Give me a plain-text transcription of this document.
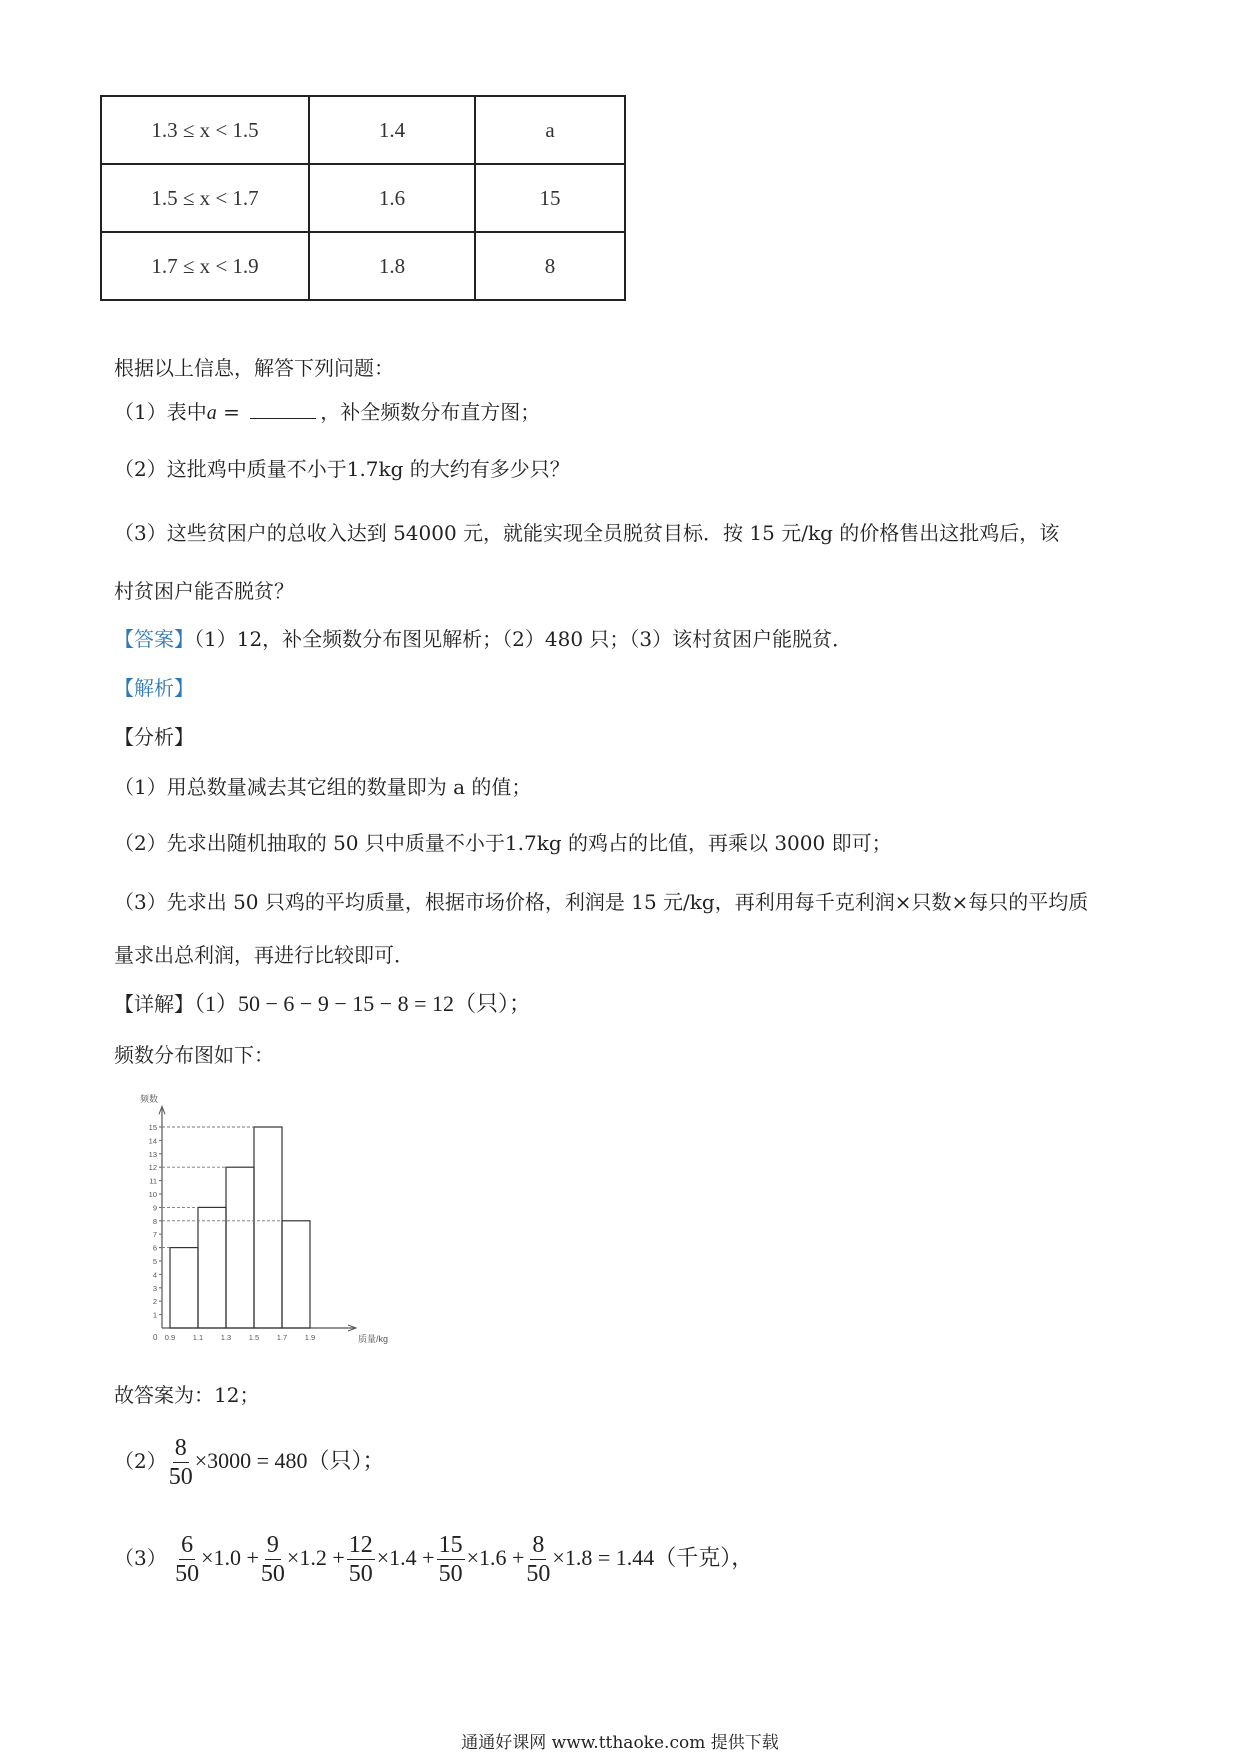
1.3 ≤ x < 1.5	1.4	a
1.5 ≤ x < 1.7	1.6	15
1.7 ≤ x < 1.9	1.8	8
根据以上信息，解答下列问题：
（1）表中a =	，补全频数分布直方图；
（2）这批鸡中质量不小于1.7kg 的大约有多少只？
（3）这些贫困户的总收入达到 54000 元，就能实现全员脱贫目标．按 15 元/kg 的价格售出这批鸡后，该
村贫困户能否脱贫？
【答案】（1）12，补全频数分布图见解析；（2）480 只；（3）该村贫困户能脱贫．
【解析】
【分析】
（1）用总数量减去其它组的数量即为 a 的值；
（2）先求出随机抽取的 50 只中质量不小于1.7kg 的鸡占的比值，再乘以 3000 即可；
（3）先求出 50 只鸡的平均质量，根据市场价格，利润是 15 元/kg，再利用每千克利润×只数×每只的平均质
量求出总利润，再进行比较即可．
【详解】（1）50 − 6 − 9 − 15 − 8 = 12（只）；
频数分布图如下：
1
2
3
4
5
6
7
8
9
10
11
12
13
14
15
频数
0 0.9 1.1 1.3 1.5 1.7 1.9	质量/kg
故答案为：12；
$(2) \frac{8}{50} \times 3000 = 480$（只）；
$(3) \frac{6}{50} \times 1.0 + \frac{9}{50} \times 1.2 + \frac{12}{50} \times 1.4 + \frac{15}{50} \times 1.6 + \frac{8}{50} \times 1.8 = 1.44$（千克），
通通好课网 www.tthaoke.com 提供下载
